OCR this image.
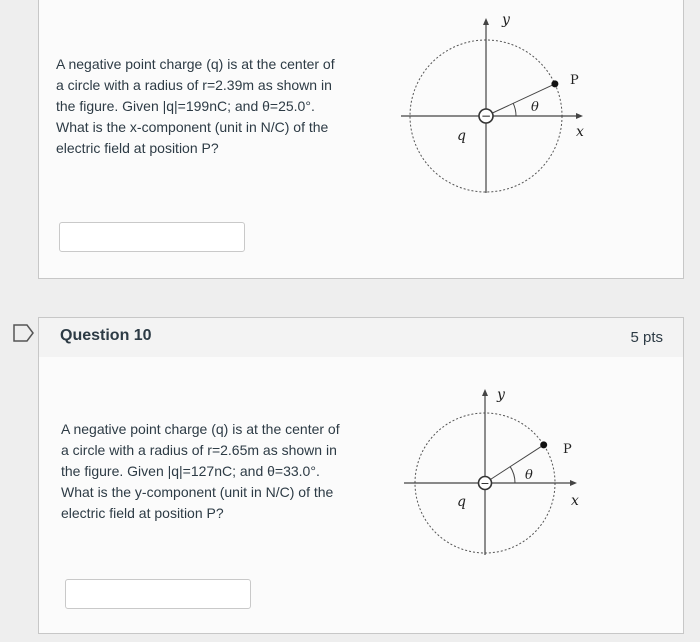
A negative point charge (q) is at the center of a circle with a radius of r=2.39m as shown in the figure. Given |q|=199nC; and θ=25.0°. What is the x-component (unit in N/C) of the electric field at position P?

−
y
x
P
q
θ
Question 10	5 pts

A negative point charge (q) is at the center of a circle with a radius of r=2.65m as shown in the figure. Given |q|=127nC; and θ=33.0°. What is the y-component (unit in N/C) of the electric field at position P?

−
y
x
P
q
θ
